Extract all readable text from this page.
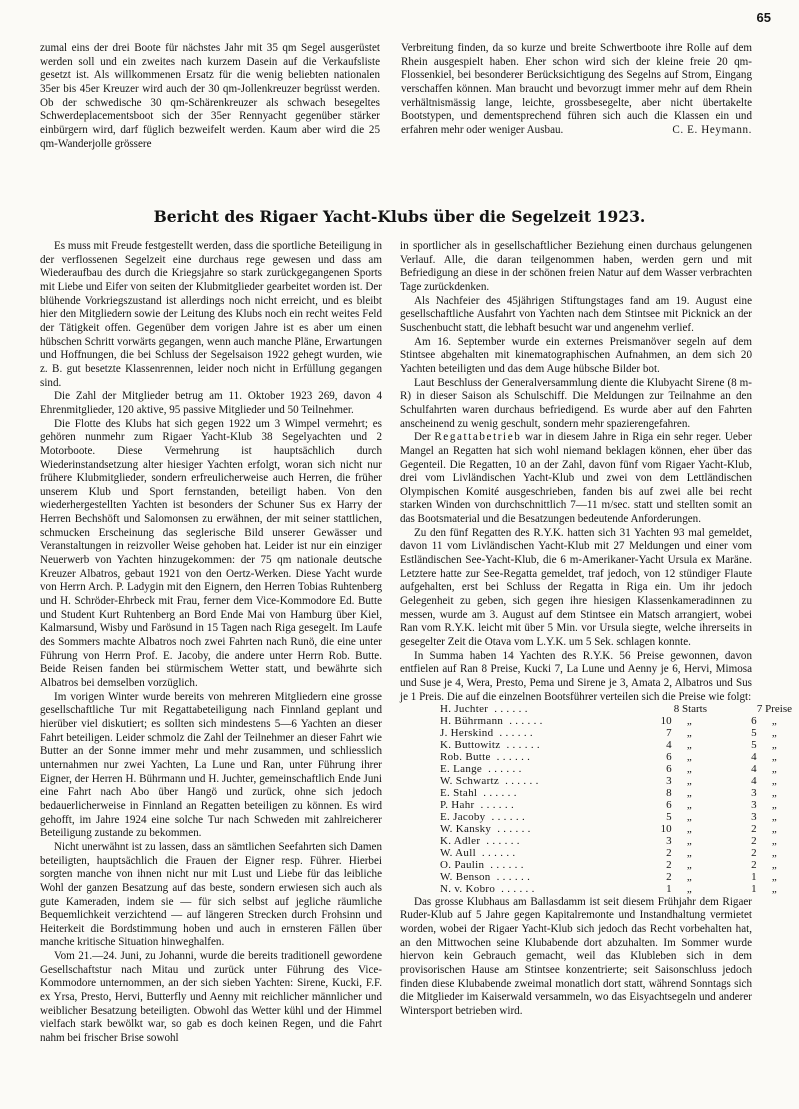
65

zumal eins der drei Boote für nächstes Jahr mit 35 qm Segel ausgerüstet werden soll und ein zweites nach kurzem Dasein auf die Verkaufsliste gesetzt ist. Als willkommenen Ersatz für die wenig beliebten nationalen 35er bis 45er Kreuzer wird auch der 30 qm-Jollenkreuzer begrüsst werden. Ob der schwedische 30 qm-Schärenkreuzer als schwach besegeltes Schwerdeplacementsboot sich der 35er Rennyacht gegenüber stärker einbürgern wird, darf füglich bezweifelt werden. Kaum aber wird die 25 qm-Wanderjolle grössere

Verbreitung finden, da so kurze und breite Schwertboote ihre Rolle auf dem Rhein ausgespielt haben. Eher schon wird sich der kleine freie 20 qm-Flossenkiel, bei besonderer Berücksichtigung des Segelns auf Strom, Eingang verschaffen können. Man braucht und bevorzugt immer mehr auf dem Rhein verhältnismässig lange, leichte, grossbesegelte, aber nicht übertakelte Bootstypen, und dementsprechend führen sich auch die Klassen ein und erfahren mehr oder weniger Ausbau.	C. E. Heymann.
Bericht des Rigaer Yacht-Klubs über die Segelzeit 1923.

Es muss mit Freude festgestellt werden, dass die sportliche Beteiligung in der verflossenen Segelzeit eine durchaus rege gewesen und dass am Wiederaufbau des durch die Kriegsjahre so stark zurückgegangenen Sports mit Liebe und Eifer von seiten der Klubmitglieder gearbeitet worden ist. Der blühende Vorkriegszustand ist allerdings noch nicht erreicht, und es bleibt hier den Mitgliedern sowie der Leitung des Klubs noch ein recht weites Feld der Tätigkeit offen. Gegenüber dem vorigen Jahre ist es aber um einen hübschen Schritt vorwärts gegangen, wenn auch manche Pläne, Erwartungen und Hoffnungen, die bei Schluss der Segelsaison 1922 gehegt wurden, wie z. B. gut besetzte Klassenrennen, leider noch nicht in Erfüllung gegangen sind.

Die Zahl der Mitglieder betrug am 11. Oktober 1923 269, davon 4 Ehrenmitglieder, 120 aktive, 95 passive Mitglieder und 50 Teilnehmer.

Die Flotte des Klubs hat sich gegen 1922 um 3 Wimpel vermehrt; es gehören nunmehr zum Rigaer Yacht-Klub 38 Segelyachten und 2 Motorboote. Diese Vermehrung ist hauptsächlich durch Wiederinstandsetzung alter hiesiger Yachten erfolgt, woran sich nicht nur frühere Klubmitglieder, sondern erfreulicherweise auch Herren, die früher unserem Klub und Sport fernstanden, beteiligt haben. Von den wiederhergestellten Yachten ist besonders der Schuner Sus ex Harry der Herren Bechshöft und Salomonsen zu erwähnen, der mit seiner stattlichen, schmucken Erscheinung das seglerische Bild unserer Gewässer und Veranstaltungen in reizvoller Weise gehoben hat. Leider ist nur ein einziger Neuerwerb von Yachten hinzugekommen: der 75 qm nationale deutsche Kreuzer Albatros, gebaut 1921 von den Oertz-Werken. Diese Yacht wurde von Herrn Arch. P. Ladygin mit den Eignern, den Herren Tobias Ruhtenberg und H. Schröder-Ehrbeck mit Frau, ferner dem Vice-Kommodore Ed. Butte und Student Kurt Ruhtenberg an Bord Ende Mai von Hamburg über Kiel, Kalmarsund, Wisby und Farösund in 15 Tagen nach Riga gesegelt. Im Laufe des Sommers machte Albatros noch zwei Fahrten nach Runö, die eine unter Führung von Herrn Prof. E. Jacoby, die andere unter Herrn Rob. Butte. Beide Reisen fanden bei stürmischem Wetter statt, und bewährte sich Albatros bei demselben vorzüglich.

Im vorigen Winter wurde bereits von mehreren Mitgliedern eine grosse gesellschaftliche Tur mit Regattabeteiligung nach Finnland geplant und hierüber viel diskutiert; es sollten sich mindestens 5—6 Yachten an dieser Fahrt beteiligen. Leider schmolz die Zahl der Teilnehmer an dieser Fahrt wie Butter an der Sonne immer mehr und mehr zusammen, und schliesslich unternahmen nur zwei Yachten, La Lune und Ran, unter Führung ihrer Eigner, der Herren H. Bührmann und H. Juchter, gemeinschaftlich Ende Juni eine Fahrt nach Abo über Hangö und zurück, ohne sich jedoch bedauerlicherweise in Finnland an Regatten beteiligen zu können. Es wird gehofft, im Jahre 1924 eine solche Tur nach Schweden mit zahlreicherer Beteiligung zustande zu bekommen.

Nicht unerwähnt ist zu lassen, dass an sämtlichen Seefahrten sich Damen beteiligten, hauptsächlich die Frauen der Eigner resp. Führer. Hierbei sorgten manche von ihnen nicht nur mit Lust und Liebe für das leibliche Wohl der ganzen Besatzung auf das beste, sondern erwiesen sich auch als gute Kameraden, indem sie — für sich selbst auf jegliche räumliche Bequemlichkeit verzichtend — auf längeren Strecken durch Frohsinn und Heiterkeit die Bordstimmung hoben und auch in ernsteren Fällen über manche kritische Situation hinweghalfen.

Vom 21.—24. Juni, zu Johanni, wurde die bereits traditionell gewordene Gesellschaftstur nach Mitau und zurück unter Führung des Vice-Kommodore unternommen, an der sich sieben Yachten: Sirene, Kucki, F.F. ex Yrsa, Presto, Hervi, Butterfly und Aenny mit reichlicher männlicher und weiblicher Besatzung beteiligten. Obwohl das Wetter kühl und der Himmel vielfach stark bewölkt war, so gab es doch keinen Regen, und die Fahrt nahm bei frischer Brise sowohl

in sportlicher als in gesellschaftlicher Beziehung einen durchaus gelungenen Verlauf. Alle, die daran teilgenommen haben, werden gern und mit Befriedigung an diese in der schönen freien Natur auf dem Wasser verbrachten Tage zurückdenken.

Als Nachfeier des 45jährigen Stiftungstages fand am 19. August eine gesellschaftliche Ausfahrt von Yachten nach dem Stintsee mit Picknick an der Suschenbucht statt, die lebhaft besucht war und angenehm verlief.

Am 16. September wurde ein externes Preismanöver segeln auf dem Stintsee abgehalten mit kinematographischen Aufnahmen, an dem sich 20 Yachten beteiligten und das dem Auge hübsche Bilder bot.

Laut Beschluss der Generalversammlung diente die Klubyacht Sirene (8 m-R) in dieser Saison als Schulschiff. Die Meldungen zur Teilnahme an den Schulfahrten waren durchaus befriedigend. Es wurde aber auf den Fahrten anscheinend zu wenig geschult, sondern mehr spazierengefahren.

Der Regattabetrieb war in diesem Jahre in Riga ein sehr reger. Ueber Mangel an Regatten hat sich wohl niemand beklagen können, eher über das Gegenteil. Die Regatten, 10 an der Zahl, davon fünf vom Rigaer Yacht-Klub, drei vom Livländischen Yacht-Klub und zwei von dem Lettländischen Olympischen Komité ausgeschrieben, fanden bis auf zwei alle bei recht starken Winden von durchschnittlich 7—11 m/sec. statt und stellten somit an das Bootsmaterial und die Besatzungen bedeutende Anforderungen.

Zu den fünf Regatten des R.Y.K. hatten sich 31 Yachten 93 mal gemeldet, davon 11 vom Livländischen Yacht-Klub mit 27 Meldungen und einer vom Estländischen See-Yacht-Klub, die 6 m-Amerikaner-Yacht Ursula ex Maräne. Letztere hatte zur See-Regatta gemeldet, traf jedoch, von 12 stündiger Flaute aufgehalten, erst bei Schluss der Regatta in Riga ein. Um ihr jedoch Gelegenheit zu geben, sich gegen ihre hiesigen Klassenkameradinnen zu messen, wurde am 3. August auf dem Stintsee ein Matsch arrangiert, wobei Ran vom R.Y.K. leicht mit über 5 Min. vor Ursula siegte, welche ihrerseits in gesegelter Zeit die Otava vom L.Y.K. um 5 Sek. schlagen konnte.

In Summa haben 14 Yachten des R.Y.K. 56 Preise gewonnen, davon entfielen auf Ran 8 Preise, Kucki 7, La Lune und Aenny je 6, Hervi, Mimosa und Suse je 4, Wera, Presto, Pema und Sirene je 3, Amata 2, Albatros und Sus je 1 Preis. Die auf die einzelnen Bootsführer verteilen sich die Preise wie folgt:

H. Juchter . . . . . .	8 Starts		7 Preise	
H. Bührmann . . . . . .	10	„	6	„
J. Herskind . . . . . .	7	„	5	„
K. Buttowitz . . . . . .	4	„	5	„
Rob. Butte . . . . . .	6	„	4	„
E. Lange . . . . . .	6	„	4	„
W. Schwartz . . . . . .	3	„	4	„
E. Stahl . . . . . .	8	„	3	„
P. Hahr . . . . . .	6	„	3	„
E. Jacoby . . . . . .	5	„	3	„
W. Kansky . . . . . .	10	„	2	„
K. Adler . . . . . .	3	„	2	„
W. Aull . . . . . .	2	„	2	„
O. Paulin . . . . . .	2	„	2	„
W. Benson . . . . . .	2	„	1	„
N. v. Kobro . . . . . .	1	„	1	„

Das grosse Klubhaus am Ballasdamm ist seit diesem Frühjahr dem Rigaer Ruder-Klub auf 5 Jahre gegen Kapitalremonte und Instandhaltung vermietet worden, wobei der Rigaer Yacht-Klub sich jedoch das Recht vorbehalten hat, an den Mittwochen seine Klubabende dort abzuhalten. Im Sommer wurde hiervon kein Gebrauch gemacht, weil das Klubleben sich in dem provisorischen Hause am Stintsee konzentrierte; seit Saisonschluss jedoch finden diese Klubabende zweimal monatlich dort statt, während Sonntags sich die Mitglieder im Kaiserwald versammeln, wo das Eisyachtsegeln und anderer Wintersport betrieben wird.
